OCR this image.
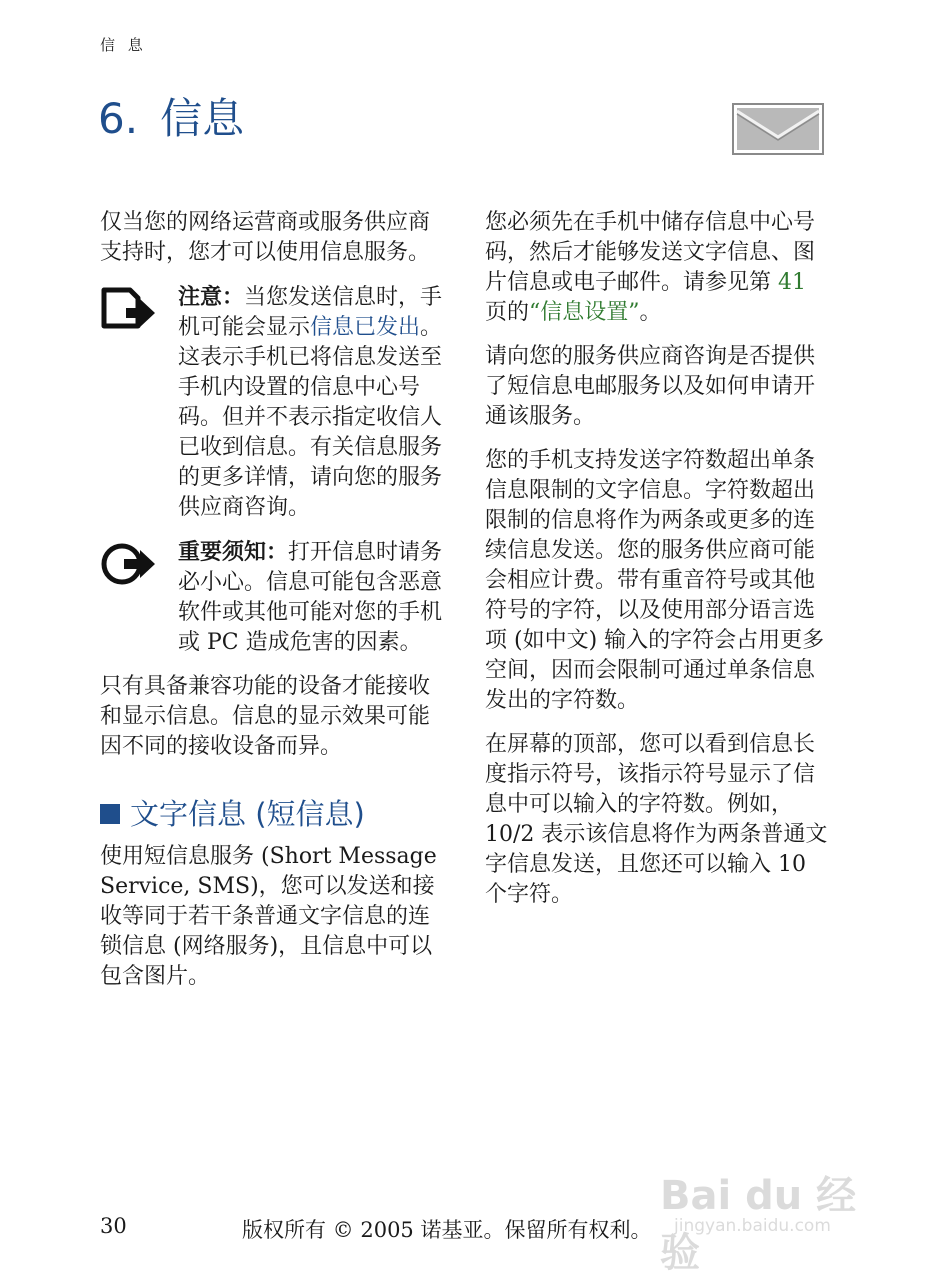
信 息
6. 信息

仅当您的网络运营商或服务供应商支持时，您才可以使用信息服务。

注意：当您发送信息时，手机可能会显示信息已发出。这表示手机已将信息发送至手机内设置的信息中心号码。但并不表示指定收信人已收到信息。有关信息服务的更多详情，请向您的服务供应商咨询。

重要须知：打开信息时请务必小心。信息可能包含恶意软件或其他可能对您的手机或 PC 造成危害的因素。

只有具备兼容功能的设备才能接收和显示信息。信息的显示效果可能因不同的接收设备而异。

文字信息 (短信息)

使用短信息服务 (Short Message Service, SMS)，您可以发送和接收等同于若干条普通文字信息的连锁信息 (网络服务)，且信息中可以包含图片。

您必须先在手机中储存信息中心号码，然后才能够发送文字信息、图片信息或电子邮件。请参见第 41 页的“信息设置”。

请向您的服务供应商咨询是否提供了短信息电邮服务以及如何申请开通该服务。

您的手机支持发送字符数超出单条信息限制的文字信息。字符数超出限制的信息将作为两条或更多的连续信息发送。您的服务供应商可能会相应计费。带有重音符号或其他符号的字符，以及使用部分语言选项 (如中文) 输入的字符会占用更多空间，因而会限制可通过单条信息发出的字符数。

在屏幕的顶部，您可以看到信息长度指示符号，该指示符号显示了信息中可以输入的字符数。例如，10/2 表示该信息将作为两条普通文字信息发送，且您还可以输入 10 个字符。

Bai du 经验
jingyan.baidu.com
30	版权所有 © 2005 诺基亚。保留所有权利。
